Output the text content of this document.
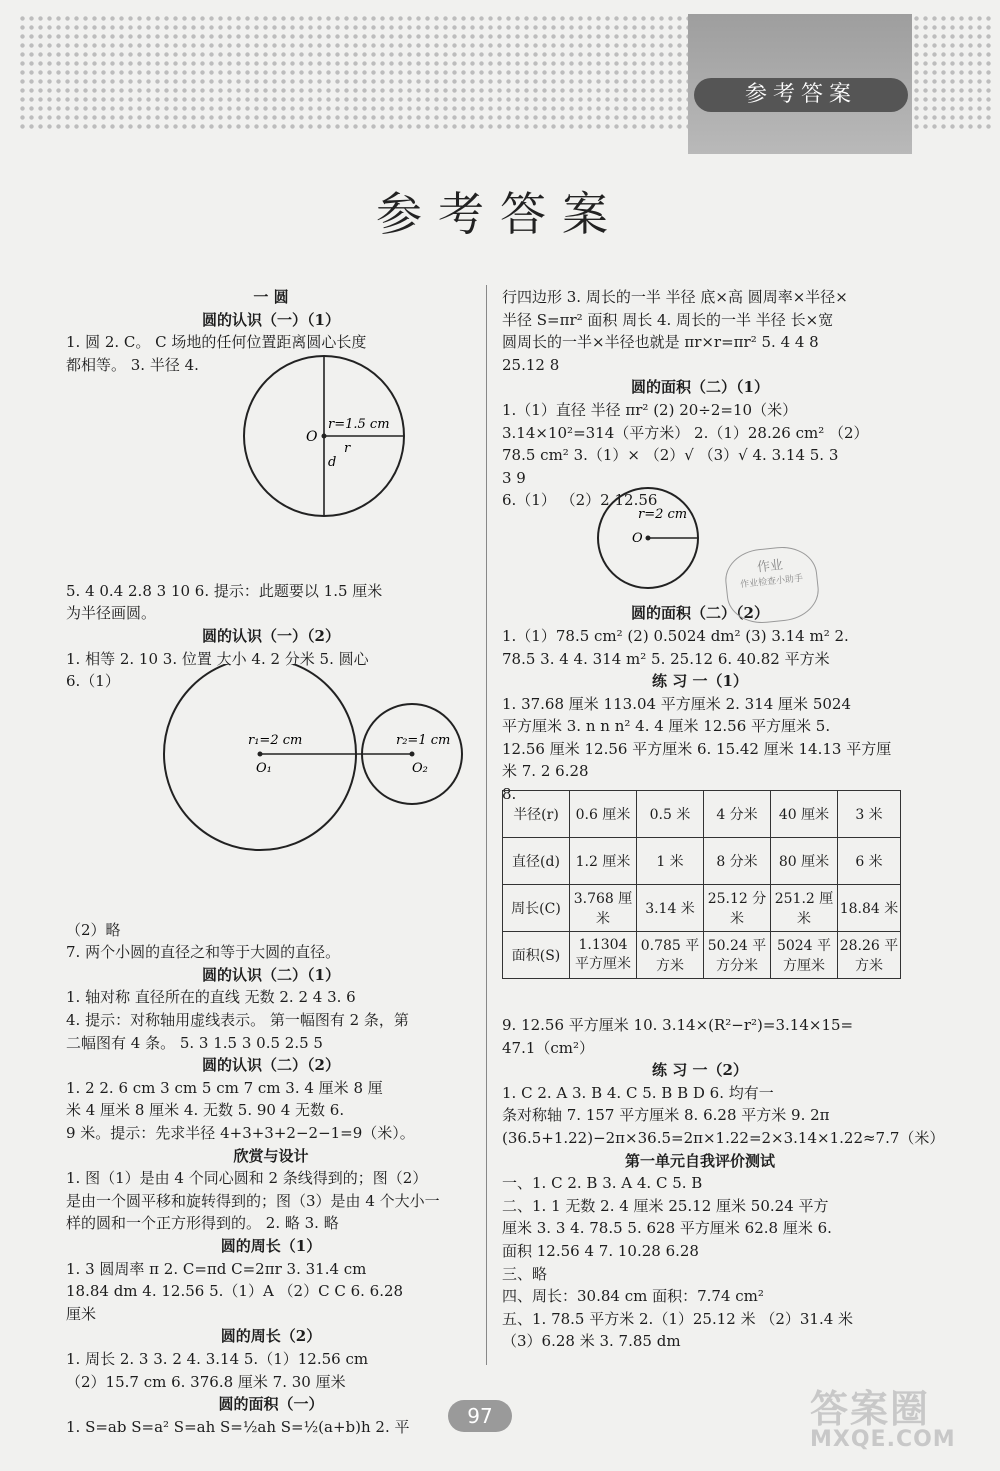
参考答案
参考答案

一 圆

圆的认识（一）（1）

1. 圆 2. C。 C 场地的任何位置距离圆心长度

都相等。 3. 半径 4.

5. 4 0.4 2.8 3 10 6. 提示：此题要以 1.5 厘米

为半径画圆。

圆的认识（一）（2）

1. 相等 2. 10 3. 位置 大小 4. 2 分米 5. 圆心

6.（1）

（2）略

7. 两个小圆的直径之和等于大圆的直径。

圆的认识（二）（1）

1. 轴对称 直径所在的直线 无数 2. 2 4 3. 6

4. 提示：对称轴用虚线表示。 第一幅图有 2 条，第

二幅图有 4 条。 5. 3 1.5 3 0.5 2.5 5

圆的认识（二）（2）

1. 2 2. 6 cm 3 cm 5 cm 7 cm 3. 4 厘米 8 厘

米 4 厘米 8 厘米 4. 无数 5. 90 4 无数 6.

9 米。提示：先求半径 4+3+3+2−2−1=9（米）。

欣赏与设计

1. 图（1）是由 4 个同心圆和 2 条线得到的；图（2）

是由一个圆平移和旋转得到的；图（3）是由 4 个大小一

样的圆和一个正方形得到的。 2. 略 3. 略

圆的周长（1）

1. 3 圆周率 π 2. C=πd C=2πr 3. 31.4 cm

18.84 dm 4. 12.56 5.（1）A （2）C C 6. 6.28

厘米

圆的周长（2）

1. 周长 2. 3 3. 2 4. 3.14 5.（1）12.56 cm

（2）15.7 cm 6. 376.8 厘米 7. 30 厘米

圆的面积（一）

1. S=ab S=a² S=ah S=½ah S=½(a+b)h 2. 平

行四边形 3. 周长的一半 半径 底×高 圆周率×半径×

半径 S=πr² 面积 周长 4. 周长的一半 半径 长×宽

圆周长的一半×半径也就是 πr×r=πr² 5. 4 4 8

25.12 8

圆的面积（二）（1）

1.（1）直径 半径 πr² (2) 20÷2=10（米）

3.14×10²=314（平方米） 2.（1）28.26 cm² （2）

78.5 cm² 3.（1）× （2）√ （3）√ 4. 3.14 5. 3

3 9

6.（1） （2）2 12.56

圆的面积（二）（2）

1.（1）78.5 cm² (2) 0.5024 dm² (3) 3.14 m² 2.

78.5 3. 4 4. 314 m² 5. 25.12 6. 40.82 平方米

练 习 一（1）

1. 37.68 厘米 113.04 平方厘米 2. 314 厘米 5024

平方厘米 3. n n n² 4. 4 厘米 12.56 平方厘米 5.

12.56 厘米 12.56 平方厘米 6. 15.42 厘米 14.13 平方厘

米 7. 2 6.28

8.

9. 12.56 平方厘米 10. 3.14×(R²−r²)=3.14×15=

47.1（cm²）

练 习 一（2）

1. C 2. A 3. B 4. C 5. B B D 6. 均有一

条对称轴 7. 157 平方厘米 8. 6.28 平方米 9. 2π

(36.5+1.22)−2π×36.5=2π×1.22=2×3.14×1.22≈7.7（米）

第一单元自我评价测试

一、1. C 2. B 3. A 4. C 5. B

二、1. 1 无数 2. 4 厘米 25.12 厘米 50.24 平方

厘米 3. 3 4. 78.5 5. 628 平方厘米 62.8 厘米 6.

面积 12.56 4 7. 10.28 6.28

三、略

四、周长：30.84 cm 面积：7.74 cm²

五、1. 78.5 平方米 2.（1）25.12 米 （2）31.4 米

（3）6.28 米 3. 7.85 dm

O
r=1.5 cm
r
d
r₁=2 cm	r₂=1 cm
O₁	O₂
O
r=2 cm
作业
作业检查小助手
半径(r)	0.6 厘米	0.5 米	4 分米	40 厘米	3 米
直径(d)	1.2 厘米	1 米	8 分米	80 厘米	6 米
周长(C)	3.768 厘米	3.14 米	25.12 分米	251.2 厘米	18.84 米
面积(S)	1.1304 平方厘米	0.785 平方米	50.24 平方分米	5024 平方厘米	28.26 平方米
97	答案圈
MXQE.COM
